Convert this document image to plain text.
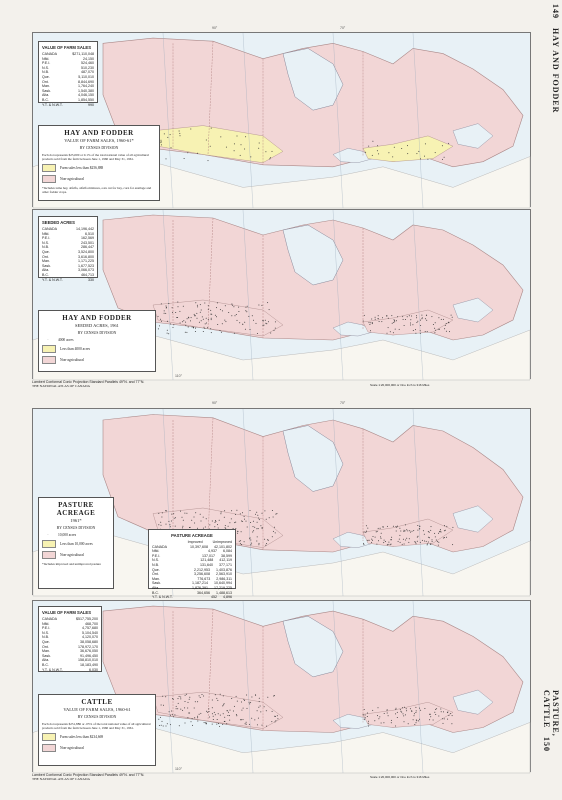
149   HAY AND FODDER
PASTURE, CATTLE   150
VALUE OF FARM SALES
CANADA	$271,110,048
Nfld.	24,150
P.E.I.	524,460
N.S.	510,230
N.B.	487,070
Que.	5,110,010
Ont.	8,844,690
Man.	1,764,240
Sask.	1,540,380
Alta.	4,046,150
B.C.	1,854,550
Y.T. & N.W.T.	990
HAY AND FODDER
VALUE OF FARM SALES, 1960-61*
BY CENSUS DIVISION
Each dot represents $25,000 or 0.1% of the total national value of all agricultural products sold from the farm between June 1, 1960 and May 31, 1961.
Farm sales less than $256,888
Non-agricultural
*Includes tame hay, alfalfa, alfalfa mixtures, oats cut for hay, corn for ensilage and other fodder crops.
SEEDED ACRES
CANADA	14,196,442
Nfld.	6,510
P.E.I.	162,569
N.S.	243,501
N.B.	286,447
Que.	3,524,800
Ont.	3,616,800
Man.	1,171,225
Sask.	1,677,523
Alta.	3,066,073
B.C.	464,713
Y.T. & N.W.T.	330
HAY AND FODDER
SEEDED ACRES, 1961
BY CENSUS DIVISION
·	4000 acres
Less than 4000 acres
Non-agricultural
Lambert Conformal Conic Projection Standard Parallels 49°N. and 77°N.
THE NATIONAL ATLAS OF CANADA	Scale 1:20,000,000 or One Inch to 316 Miles
PASTURE ACREAGE
1961*
BY CENSUS DIVISION
·	10,000 acres
Less than 10,000 acres
Non-agricultural
*Includes improved and unimproved pasture
PASTURE ACREAGE
Improved	Unimproved
CANADA	10,397,608 42,101,802
Nfld.	4,937 6,084
P.E.I.	137,017 38,599
N.S.	121,488 412,119
N.B.	131,640 377,171
Que.	2,212,953 1,403,876
Ont.	3,256,608 2,563,910
Man.	776,673 2,986,311
Sask.	1,187,214 10,640,994
Alta.	1,876,391 17,219,225
B.C.	364,656 1,488,613
Y.T. & N.W.T.	452 4,896
VALUE OF FARM SALES
CANADA	$517,755,200
Nfld.	468,700
P.E.I.	4,757,680
N.S.	5,104,540
N.B.	4,120,070
Que.	38,058,680
Ont.	178,972,170
Man.	36,676,050
Sask.	91,496,450
Alta.	158,810,010
B.C.	18,183,490
Y.T. & N.W.T.	6,030
CATTLE
VALUE OF FARM SALES, 1960-61
BY CENSUS DIVISION
Each dot represents $251,886 or .05% of the total national value of all agricultural products sold from the farm between June 1, 1960 and May 31, 1961.
Farm sales less than $234,669
Non-agricultural
Lambert Conformal Conic Projection Standard Parallels 49°N. and 77°N.
THE NATIONAL ATLAS OF CANADA	Scale 1:20,000,000 or One Inch to 316 Miles
90°	70°
110°
90°	70°
110°
